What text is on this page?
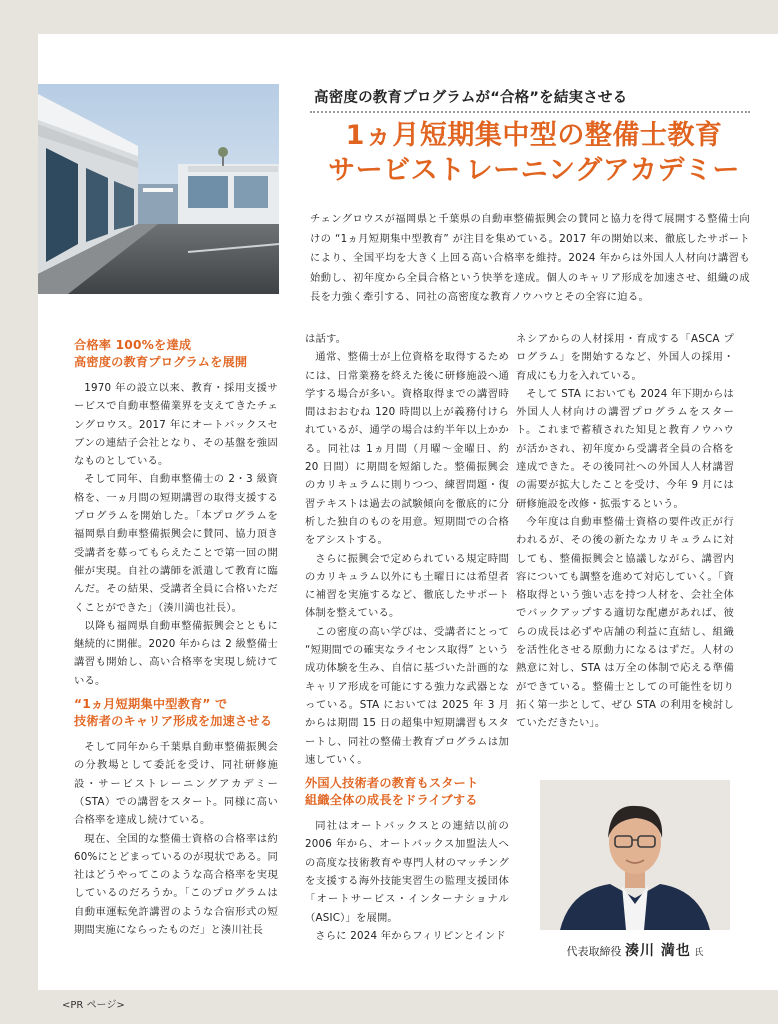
高密度の教育プログラムが“合格”を結実させる
1ヵ月短期集中型の整備士教育
サービストレーニングアカデミー
チェングロウスが福岡県と千葉県の自動車整備振興会の賛同と協力を得て展開する整備士向けの “1ヵ月短期集中型教育” が注目を集めている。2017 年の開始以来、徹底したサポートにより、全国平均を大きく上回る高い合格率を維持。2024 年からは外国人人材向け講習も始動し、初年度から全員合格という快挙を達成。個人のキャリア形成を加速させ、組織の成長を力強く牽引する、同社の高密度な教育ノウハウとその全容に迫る。
合格率 100%を達成
高密度の教育プログラムを展開

1970 年の設立以来、教育・採用支援サービスで自動車整備業界を支えてきたチェングロウス。2017 年にオートバックスセブンの連結子会社となり、その基盤を強固なものとしている。

そして同年、自動車整備士の 2・3 級資格を、一ヵ月間の短期講習の取得支援するプログラムを開始した。「本プログラムを福岡県自動車整備振興会に賛同、協力頂き受講者を募ってもらえたことで第一回の開催が実現。自社の講師を派遣して教育に臨んだ。その結果、受講者全員に合格いただくことができた」（湊川満也社長）。

以降も福岡県自動車整備振興会とともに継続的に開催。2020 年からは 2 級整備士講習も開始し、高い合格率を実現し続けている。

“1ヵ月短期集中型教育” で
技術者のキャリア形成を加速させる

そして同年から千葉県自動車整備振興会の分教場として委託を受け、同社研修施設・サービストレーニングアカデミー（STA）での講習をスタート。同様に高い合格率を達成し続けている。

現在、全国的な整備士資格の合格率は約 60%にとどまっているのが現状である。同社はどうやってこのような高合格率を実現しているのだろうか。「このプログラムは自動車運転免許講習のような合宿形式の短期間実施にならったものだ」と湊川社長

は話す。

通常、整備士が上位資格を取得するためには、日常業務を終えた後に研修施設へ通学する場合が多い。資格取得までの講習時間はおおむね 120 時間以上が義務付けられているが、通学の場合は約半年以上かかる。同社は 1ヵ月間（月曜〜金曜日、約 20 日間）に期間を短縮した。整備振興会のカリキュラムに則りつつ、練習問題・復習テキストは過去の試験傾向を徹底的に分析した独自のものを用意。短期間での合格をアシストする。

さらに振興会で定められている規定時間のカリキュラム以外にも土曜日には希望者に補習を実施するなど、徹底したサポート体制を整えている。

この密度の高い学びは、受講者にとって “短期間での確実なライセンス取得” という成功体験を生み、自信に基づいた計画的なキャリア形成を可能にする強力な武器となっている。STA においては 2025 年 3 月からは期間 15 日の超集中短期講習もスタートし、同社の整備士教育プログラムは加速していく。

外国人技術者の教育もスタート
組織全体の成長をドライブする

同社はオートバックスとの連結以前の 2006 年から、オートバックス加盟法人への高度な技術教育や専門人材のマッチングを支援する海外技能実習生の監理支援団体「オートサービス・インターナショナル（ASIC）」を展開。

さらに 2024 年からフィリピンとインド

ネシアからの人材採用・育成する「ASCA プログラム」を開始するなど、外国人の採用・育成にも力を入れている。

そして STA においても 2024 年下期からは外国人人材向けの講習プログラムをスタート。これまで蓄積された知見と教育ノウハウが活かされ、初年度から受講者全員の合格を達成できた。その後同社への外国人人材講習の需要が拡大したことを受け、今年 9 月には研修施設を改修・拡張するという。

今年度は自動車整備士資格の要件改正が行われるが、その後の新たなカリキュラムに対しても、整備振興会と協議しながら、講習内容についても調整を進めて対応していく。「資格取得という強い志を持つ人材を、会社全体でバックアップする適切な配慮があれば、彼らの成長は必ずや店舗の利益に直結し、組織を活性化させる原動力になるはずだ。人材の熱意に対し、STA は万全の体制で応える準備ができている。整備士としての可能性を切り拓く第一歩として、ぜひ STA の利用を検討していただきたい」。

代表取締役 湊川 満也 氏
<PR ページ>
